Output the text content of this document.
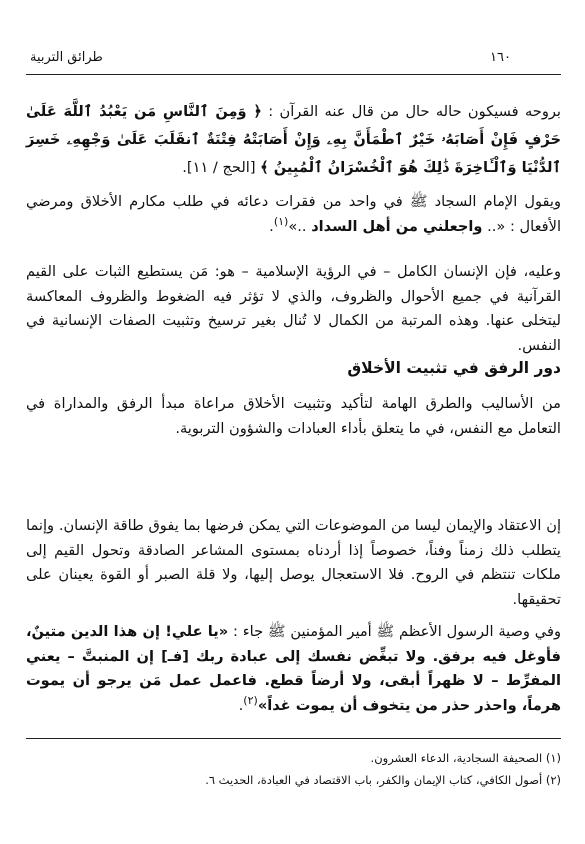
١٦٠
طرائق التربية

بروحه فسيكون حاله حال من قال عنه القرآن : ﴿ وَمِنَ ٱلنَّاسِ مَن يَعْبُدُ ٱللَّهَ عَلَىٰ حَرْفٍ فَإِنْ أَصَابَهُۥ خَيْرٌ ٱطْمَأَنَّ بِهِۦ وَإِنْ أَصَابَتْهُ فِتْنَةٌ ٱنقَلَبَ عَلَىٰ وَجْهِهِۦ خَسِرَ ٱلدُّنْيَا وَٱلْـَٔاخِرَةَ ذَٰلِكَ هُوَ ٱلْخُسْرَانُ ٱلْمُبِينُ ﴾ [الحج / ١١].

ويقول الإمام السجاد ﷺ في واحد من فقرات دعائه في طلب مكارم الأخلاق ومرضي الأفعال : «.. واجعلني من أهل السداد ..»$^{(١)}$.

وعليه، فإن الإنسان الكامل – في الرؤية الإسلامية – هو: مَن يستطيع الثبات على القيم القرآنية في جميع الأحوال والظروف، والذي لا تؤثر فيه الضغوط والظروف المعاكسة ليتخلى عنها. وهذه المرتبة من الكمال لا تُنال بغير ترسيخ وتثبيت الصفات الإنسانية في النفس.

دور الرفق في تثبيت الأخلاق

من الأساليب والطرق الهامة لتأكيد وتثبيت الأخلاق مراعاة مبدأ الرفق والمداراة في التعامل مع النفس، في ما يتعلق بأداء العبادات والشؤون التربوية.

إن الاعتقاد والإيمان ليسا من الموضوعات التي يمكن فرضها بما يفوق طاقة الإنسان. وإنما يتطلب ذلك زمناً وفناً، خصوصاً إذا أردناه بمستوى المشاعر الصادقة وتحول القيم إلى ملكات تنتظم في الروح. فلا الاستعجال يوصل إليها، ولا قلة الصبر أو القوة يعينان على تحقيقها.

وفي وصية الرسول الأعظم ﷺ أمير المؤمنين ﷺ جاء : «يا علي! إن هذا الدين متينٌ، فأوغل فيه برفق. ولا تبغِّض نفسك إلى عبادة ربك [فـ] إن المنبتَّ – يعني المفرِّط – لا ظهراً أبقى، ولا أرضاً قطع. فاعمل عمل مَن يرجو أن يموت هرماً، واحذر حذر من يتخوف أن يموت غداً»$^{(٢)}$.

(١) الصحيفة السجادية، الدعاء العشرون.
(٢) أصول الكافي، كتاب الإيمان والكفر، باب الاقتصاد في العبادة، الحديث ٦.
